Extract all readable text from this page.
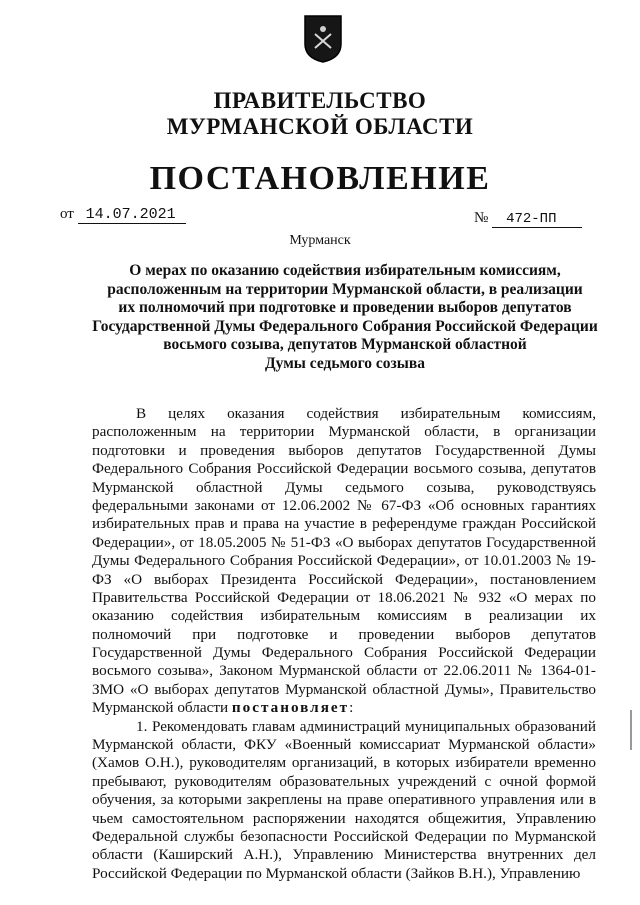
ПРАВИТЕЛЬСТВО
МУРМАНСКОЙ ОБЛАСТИ
ПОСТАНОВЛЕНИЕ
от 14.07.2021	№ 472-ПП
Мурманск
О мерах по оказанию содействия избирательным комиссиям,
расположенным на территории Мурманской области, в реализации
их полномочий при подготовке и проведении выборов депутатов
Государственной Думы Федерального Собрания Российской Федерации
восьмого созыва, депутатов Мурманской областной
Думы седьмого созыва
В целях оказания содействия избирательным комиссиям,
расположенным на территории Мурманской области, в организации
подготовки и проведения выборов депутатов Государственной Думы
Федерального Собрания Российской Федерации восьмого созыва, депутатов
Мурманской областной Думы седьмого созыва, руководствуясь
федеральными законами от 12.06.2002 № 67-ФЗ «Об основных гарантиях
избирательных прав и права на участие в референдуме граждан Российской
Федерации», от 18.05.2005 № 51-ФЗ «О выборах депутатов Государственной
Думы Федерального Собрания Российской Федерации», от 10.01.2003 № 19-
ФЗ «О выборах Президента Российской Федерации», постановлением
Правительства Российской Федерации от 18.06.2021 № 932 «О мерах по
оказанию содействия избирательным комиссиям в реализации их
полномочий при подготовке и проведении выборов депутатов
Государственной Думы Федерального Собрания Российской Федерации
восьмого созыва», Законом Мурманской области от 22.06.2011 № 1364-01-
ЗМО «О выборах депутатов Мурманской областной Думы», Правительство
Мурманской области постановляет:
1. Рекомендовать главам администраций муниципальных образований
Мурманской области, ФКУ «Военный комиссариат Мурманской области»
(Хамов О.Н.), руководителям организаций, в которых избиратели временно
пребывают, руководителям образовательных учреждений с очной формой
обучения, за которыми закреплены на праве оперативного управления или в
чьем самостоятельном распоряжении находятся общежития, Управлению
Федеральной службы безопасности Российской Федерации по Мурманской
области (Каширский А.Н.), Управлению Министерства внутренних дел
Российской Федерации по Мурманской области (Зайков В.Н.), Управлению
